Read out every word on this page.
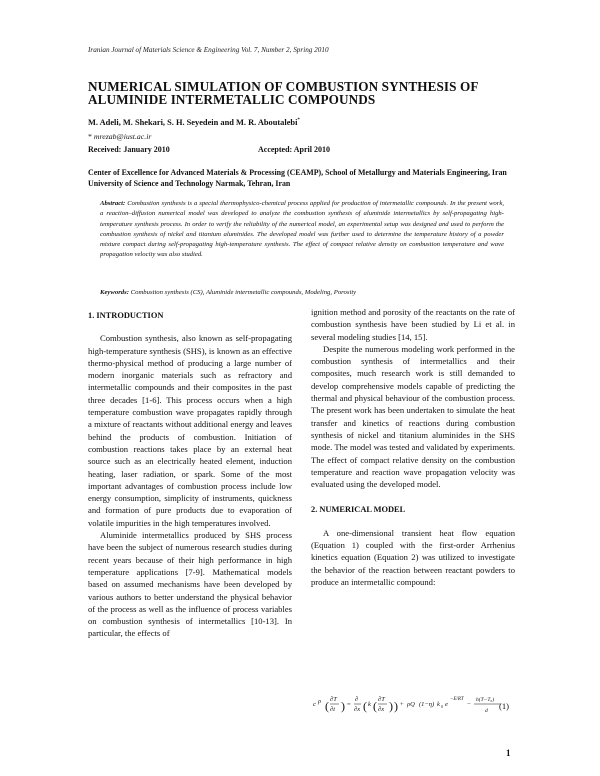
Iranian Journal of Materials Science & Engineering Vol. 7, Number 2, Spring 2010
NUMERICAL SIMULATION OF COMBUSTION SYNTHESIS OF ALUMINIDE INTERMETALLIC COMPOUNDS
M. Adeli, M. Shekari, S. H. Seyedein and M. R. Aboutalebi*
* mrezab@iust.ac.ir
Received: January 2010	Accepted: April 2010
Center of Excellence for Advanced Materials & Processing (CEAMP), School of Metallurgy and Materials Engineering, Iran University of Science and Technology Narmak, Tehran, Iran
Abstract: Combustion synthesis is a special thermophysico-chemical process applied for production of intermetallic compounds. In the present work, a reaction–diffusion numerical model was developed to analyze the combustion synthesis of aluminide intermetallics by self-propagating high-temperature synthesis process. In order to verify the reliability of the numerical model, an experimental setup was designed and used to perform the combustion synthesis of nickel and titanium aluminides. The developed model was further used to determine the temperature history of a powder mixture compact during self-propagating high-temperature synthesis. The effect of compact relative density on combustion temperature and wave propagation velocity was also studied.
Keywords: Combustion synthesis (CS), Aluminide intermetallic compounds, Modeling, Porosity
1. INTRODUCTION

Combustion synthesis, also known as self-propagating high-temperature synthesis (SHS), is known as an effective thermo-physical method of producing a large number of modern inorganic materials such as refractory and intermetallic compounds and their composites in the past three decades [1-6]. This process occurs when a high temperature combustion wave propagates rapidly through a mixture of reactants without additional energy and leaves behind the products of combustion. Initiation of combustion reactions takes place by an external heat source such as an electrically heated element, induction heating, laser radiation, or spark. Some of the most important advantages of combustion process include low energy consumption, simplicity of instruments, quickness and formation of pure products due to evaporation of volatile impurities in the high temperatures involved.

Aluminide intermetallics produced by SHS process have been the subject of numerous research studies during recent years because of their high performance in high temperature applications [7-9]. Mathematical models based on assumed mechanisms have been developed by various authors to better understand the physical behavior of the process as well as the influence of process variables on combustion synthesis of intermetallics [10-13]. In particular, the effects of

ignition method and porosity of the reactants on the rate of combustion synthesis have been studied by Li et al. in several modeling studies [14, 15].

Despite the numerous modeling work performed in the combustion synthesis of intermetallics and their composites, much research work is still demanded to develop comprehensive models capable of predicting the thermal and physical behaviour of the combustion process. The present work has been undertaken to simulate the heat transfer and kinetics of reactions during combustion synthesis of nickel and titanium aluminides in the SHS mode. The model was tested and validated by experiments. The effect of compact relative density on the combustion temperature and reaction wave propagation velocity was evaluated using the developed model.

2. NUMERICAL MODEL

A one-dimensional transient heat flow equation (Equation 1) coupled with the first-order Arrhenius kinetics equation (Equation 2) was utilized to investigate the behavior of the reaction between reactant powders to produce an intermetallic compound:

c ρ ( ∂T
∂t ) =
∂
∂x ( k ( ∂T
∂x ) ) + ρQ (1−η) k 0 e
−E/RT
−
h(T−T₀)
d (1)
1
